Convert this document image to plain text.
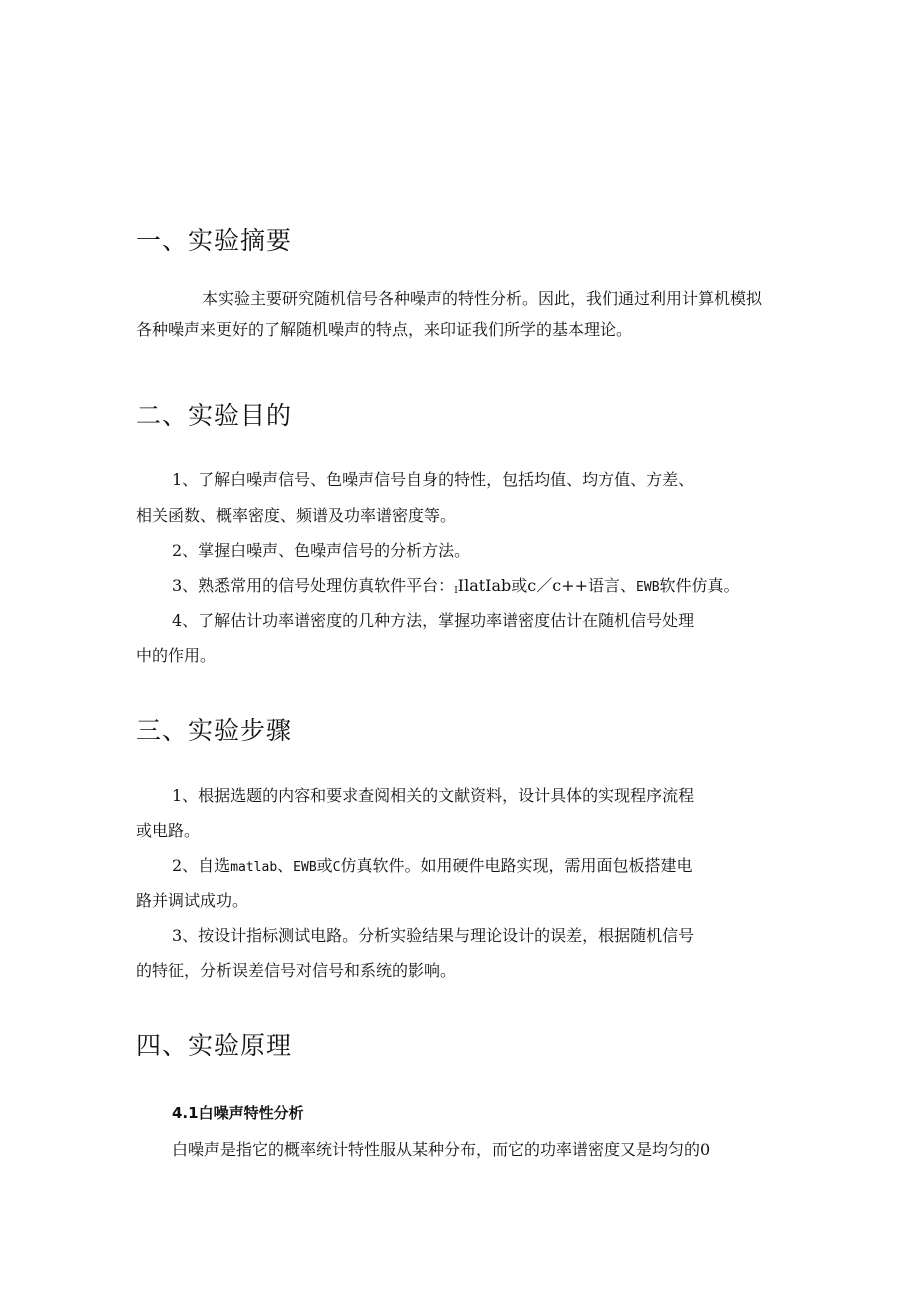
一、实验摘要

本实验主要研究随机信号各种噪声的特性分析。因此，我们通过利用计算机模拟

各种噪声来更好的了解随机噪声的特点，来印证我们所学的基本理论。

二、实验目的

1、了解白噪声信号、色噪声信号自身的特性，包括均值、均方值、方差、

相关函数、概率密度、频谱及功率谱密度等。

2、掌握白噪声、色噪声信号的分析方法。

3、熟悉常用的信号处理仿真软件平台：IIlatIab或c／c++语言、EWB软件仿真。

4、了解估计功率谱密度的几种方法，掌握功率谱密度估计在随机信号处理

中的作用。

三、实验步骤

1、根据选题的内容和要求查阅相关的文献资料，设计具体的实现程序流程

或电路。

2、自选matlab、EWB或C仿真软件。如用硬件电路实现，需用面包板搭建电

路并调试成功。

3、按设计指标测试电路。分析实验结果与理论设计的误差，根据随机信号

的特征，分析误差信号对信号和系统的影响。

四、实验原理

4.1白噪声特性分析

白噪声是指它的概率统计特性服从某种分布，而它的功率谱密度又是均匀的0
